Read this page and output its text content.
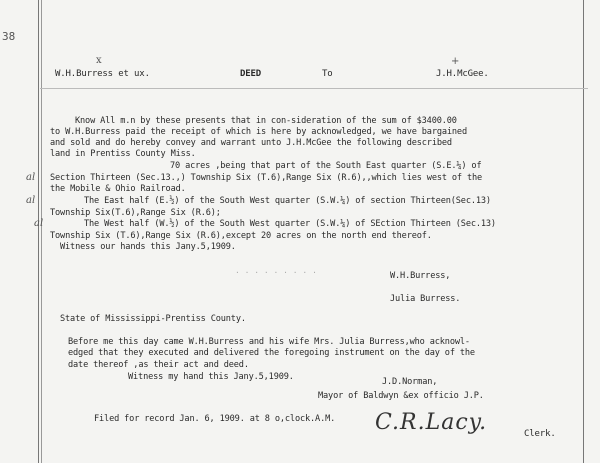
38
W.H.Burress et ux.
x
DEED	To	J.H.McGee.
+
Know All m.n by these presents that in con-sideration of the sum of $3400.00
to W.H.Burress paid the receipt of which is here by acknowledged, we have bargained
and sold and do hereby convey and warrant unto J.H.McGee the following described
land in Prentiss County Miss.
70 acres ,being that part of the South East quarter (S.E.¼) of
Section Thirteen (Sec.13.,) Township Six (T.6),Range Six (R.6),,which lies west of the
the Mobile & Ohio Railroad.
The East half (E.½) of the South West quarter (S.W.¼) of section Thirteen(Sec.13)
Township Six(T.6),Range Six (R.6);
The West half (W.½) of the South West quarter (S.W.¼) of SEction Thirteen (Sec.13)
Township Six (T.6),Range Six (R.6),except 20 acres on the north end thereof.
Witness our hands this Jany.5,1909.
al
al
al
· · · · · · · · ·	W.H.Burress,
Julia Burress.
State of Mississippi-Prentiss County.
Before me this day came W.H.Burress and his wife Mrs. Julia Burress,who acknowl-
edged that they executed and delivered the foregoing instrument on the day of the
date thereof ,as their act and deed.
Witness my hand this Jany.5,1909.	J.D.Norman,
Mayor of Baldwyn &ex officio J.P.
Filed for record Jan. 6, 1909. at 8 o,clock.A.M. C.R.Lacy.	Clerk.
